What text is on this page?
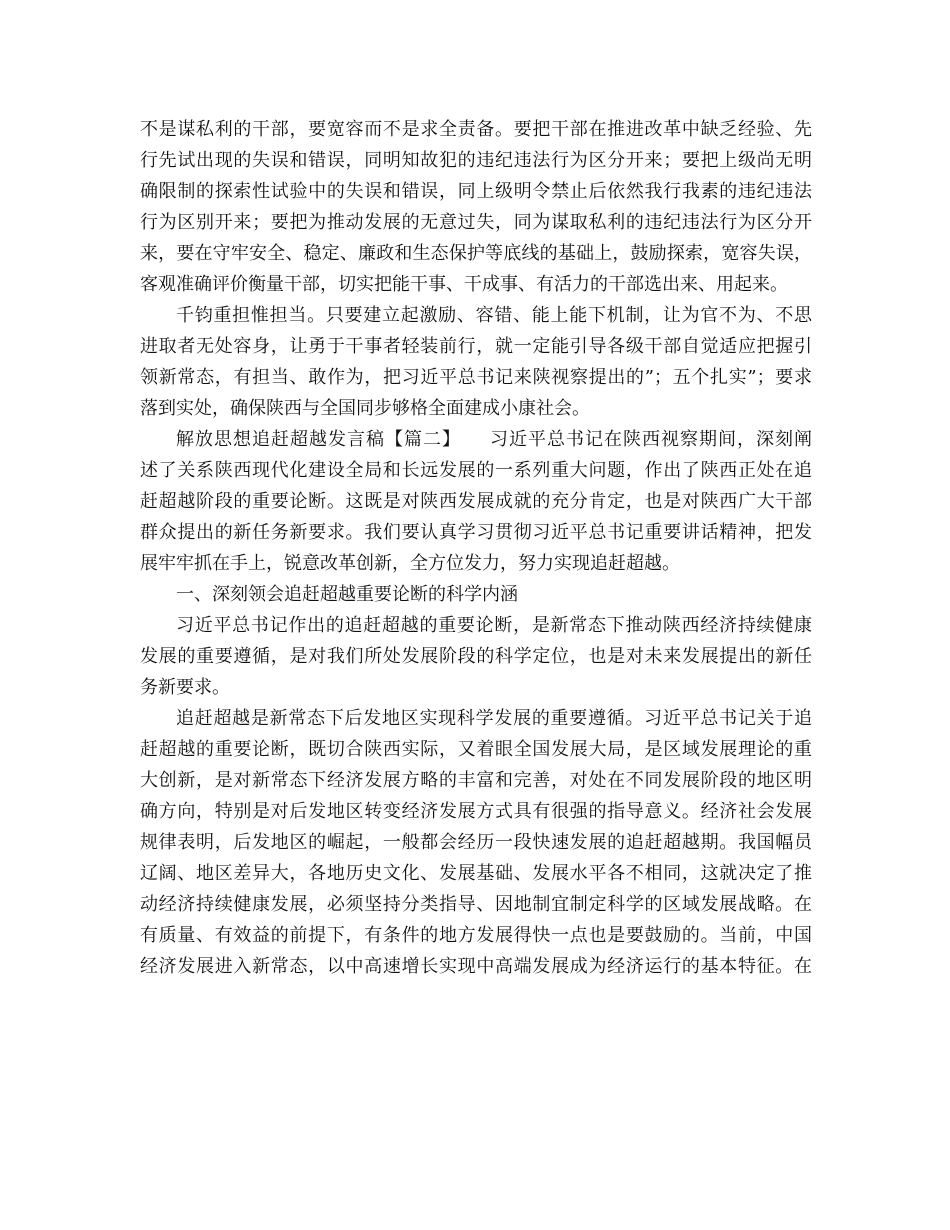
不是谋私利的干部，要宽容而不是求全责备。要把干部在推进改革中缺乏经验、先
行先试出现的失误和错误，同明知故犯的违纪违法行为区分开来；要把上级尚无明
确限制的探索性试验中的失误和错误，同上级明令禁止后依然我行我素的违纪违法
行为区别开来；要把为推动发展的无意过失，同为谋取私利的违纪违法行为区分开
来，要在守牢安全、稳定、廉政和生态保护等底线的基础上，鼓励探索，宽容失误，
客观准确评价衡量干部，切实把能干事、干成事、有活力的干部选出来、用起来。
千钧重担惟担当。只要建立起激励、容错、能上能下机制，让为官不为、不思
进取者无处容身，让勇于干事者轻装前行，就一定能引导各级干部自觉适应把握引
领新常态，有担当、敢作为，把习近平总书记来陕视察提出的”；五个扎实”；要求
落到实处，确保陕西与全国同步够格全面建成小康社会。
解放思想追赶超越发言稿【篇二】　　习近平总书记在陕西视察期间，深刻阐
述了关系陕西现代化建设全局和长远发展的一系列重大问题，作出了陕西正处在追
赶超越阶段的重要论断。这既是对陕西发展成就的充分肯定，也是对陕西广大干部
群众提出的新任务新要求。我们要认真学习贯彻习近平总书记重要讲话精神，把发
展牢牢抓在手上，锐意改革创新，全方位发力，努力实现追赶超越。
一、深刻领会追赶超越重要论断的科学内涵
习近平总书记作出的追赶超越的重要论断，是新常态下推动陕西经济持续健康
发展的重要遵循，是对我们所处发展阶段的科学定位，也是对未来发展提出的新任
务新要求。
追赶超越是新常态下后发地区实现科学发展的重要遵循。习近平总书记关于追
赶超越的重要论断，既切合陕西实际，又着眼全国发展大局，是区域发展理论的重
大创新，是对新常态下经济发展方略的丰富和完善，对处在不同发展阶段的地区明
确方向，特别是对后发地区转变经济发展方式具有很强的指导意义。经济社会发展
规律表明，后发地区的崛起，一般都会经历一段快速发展的追赶超越期。我国幅员
辽阔、地区差异大，各地历史文化、发展基础、发展水平各不相同，这就决定了推
动经济持续健康发展，必须坚持分类指导、因地制宜制定科学的区域发展战略。在
有质量、有效益的前提下，有条件的地方发展得快一点也是要鼓励的。当前，中国
经济发展进入新常态，以中高速增长实现中高端发展成为经济运行的基本特征。在
